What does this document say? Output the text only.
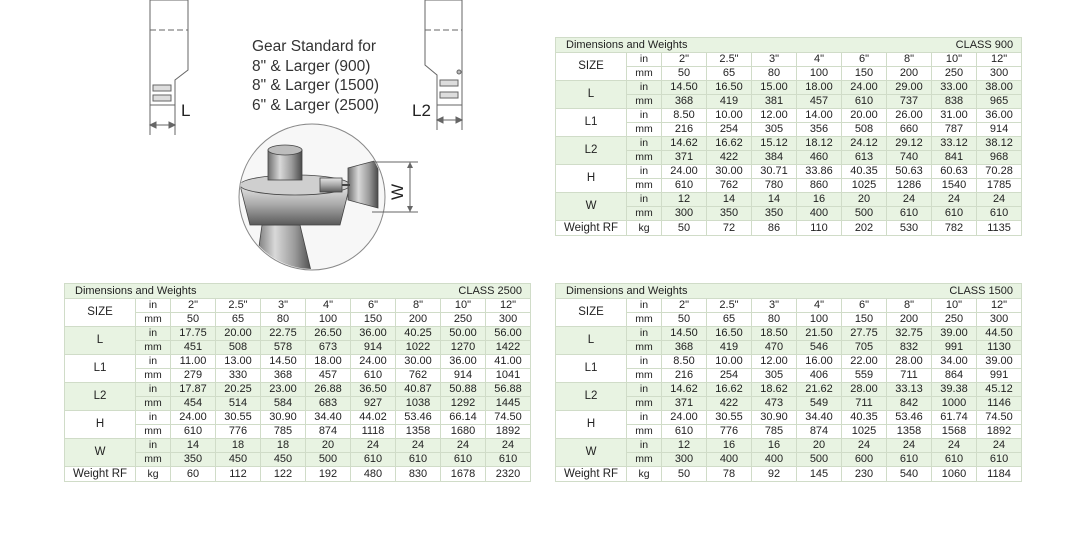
Gear Standard for
8" & Larger (900)
8" & Larger (1500)
6" & Larger (2500)
L	L2
W
CLASS 900
Dimensions and Weights									
SIZE	in	2"	2.5"	3"	4"	6"	8"	10"	12"
	mm	50	65	80	100	150	200	250	300
L	in	14.50	16.50	15.00	18.00	24.00	29.00	33.00	38.00
	mm	368	419	381	457	610	737	838	965
L1	in	8.50	10.00	12.00	14.00	20.00	26.00	31.00	36.00
	mm	216	254	305	356	508	660	787	914
L2	in	14.62	16.62	15.12	18.12	24.12	29.12	33.12	38.12
	mm	371	422	384	460	613	740	841	968
H	in	24.00	30.00	30.71	33.86	40.35	50.63	60.63	70.28
	mm	610	762	780	860	1025	1286	1540	1785
W	in	12	14	14	16	20	24	24	24
	mm	300	350	350	400	500	610	610	610
Weight RF	kg	50	72	86	110	202	530	782	1135
CLASS 2500
Dimensions and Weights									
SIZE	in	2"	2.5"	3"	4"	6"	8"	10"	12"
	mm	50	65	80	100	150	200	250	300
L	in	17.75	20.00	22.75	26.50	36.00	40.25	50.00	56.00
	mm	451	508	578	673	914	1022	1270	1422
L1	in	11.00	13.00	14.50	18.00	24.00	30.00	36.00	41.00
	mm	279	330	368	457	610	762	914	1041
L2	in	17.87	20.25	23.00	26.88	36.50	40.87	50.88	56.88
	mm	454	514	584	683	927	1038	1292	1445
H	in	24.00	30.55	30.90	34.40	44.02	53.46	66.14	74.50
	mm	610	776	785	874	1118	1358	1680	1892
W	in	14	18	18	20	24	24	24	24
	mm	350	450	450	500	610	610	610	610
Weight RF	kg	60	112	122	192	480	830	1678	2320
CLASS 1500
Dimensions and Weights									
SIZE	in	2"	2.5"	3"	4"	6"	8"	10"	12"
	mm	50	65	80	100	150	200	250	300
L	in	14.50	16.50	18.50	21.50	27.75	32.75	39.00	44.50
	mm	368	419	470	546	705	832	991	1130
L1	in	8.50	10.00	12.00	16.00	22.00	28.00	34.00	39.00
	mm	216	254	305	406	559	711	864	991
L2	in	14.62	16.62	18.62	21.62	28.00	33.13	39.38	45.12
	mm	371	422	473	549	711	842	1000	1146
H	in	24.00	30.55	30.90	34.40	40.35	53.46	61.74	74.50
	mm	610	776	785	874	1025	1358	1568	1892
W	in	12	16	16	20	24	24	24	24
	mm	300	400	400	500	600	610	610	610
Weight RF	kg	50	78	92	145	230	540	1060	1184
